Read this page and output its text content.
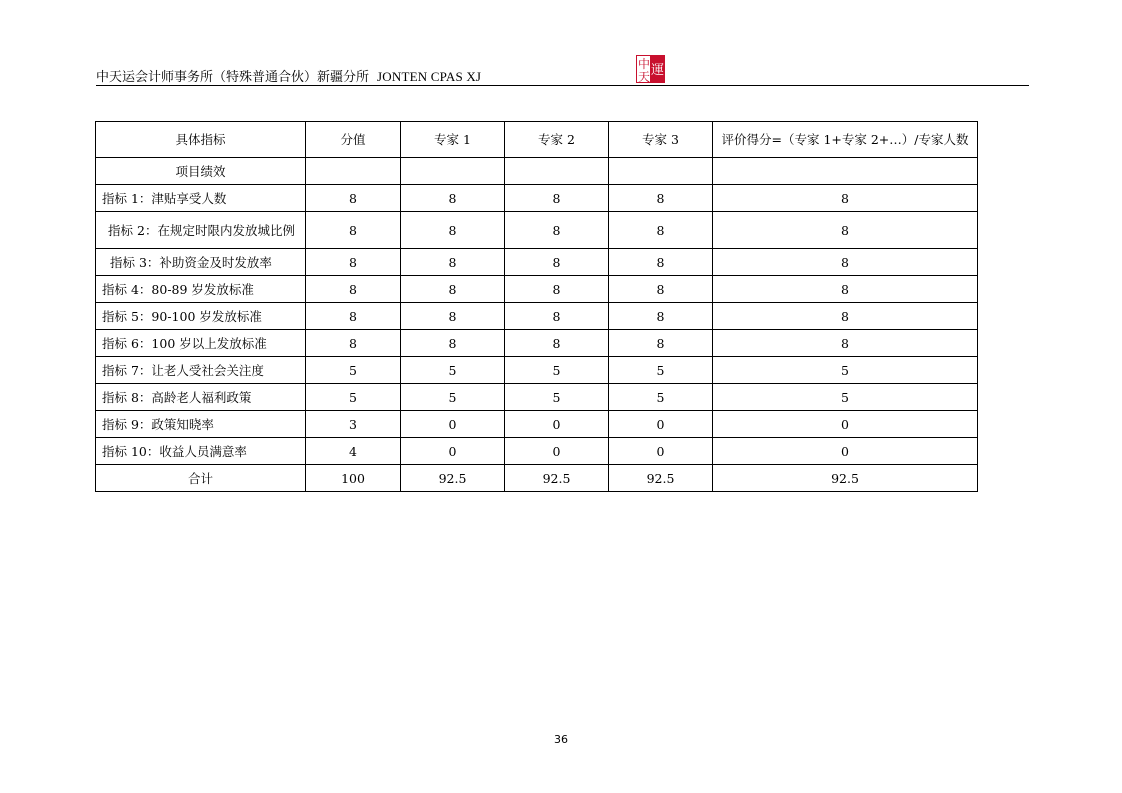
中天运会计师事务所（特殊普通合伙）新疆分所 JONTEN CPAS XJ
中
天 運
具体指标	分值	专家 1	专家 2	专家 3	评价得分=（专家 1+专家 2+…）/专家人数
项目绩效					
指标 1：津贴享受人数	8	8	8	8	8
指标 2：在规定时限内发放城比例	8	8	8	8	8
指标 3：补助资金及时发放率	8	8	8	8	8
指标 4：80-89 岁发放标准	8	8	8	8	8
指标 5：90-100 岁发放标准	8	8	8	8	8
指标 6：100 岁以上发放标准	8	8	8	8	8
指标 7：让老人受社会关注度	5	5	5	5	5
指标 8：高龄老人福利政策	5	5	5	5	5
指标 9：政策知晓率	3	0	0	0	0
指标 10：收益人员满意率	4	0	0	0	0
合计	100	92.5	92.5	92.5	92.5
36
